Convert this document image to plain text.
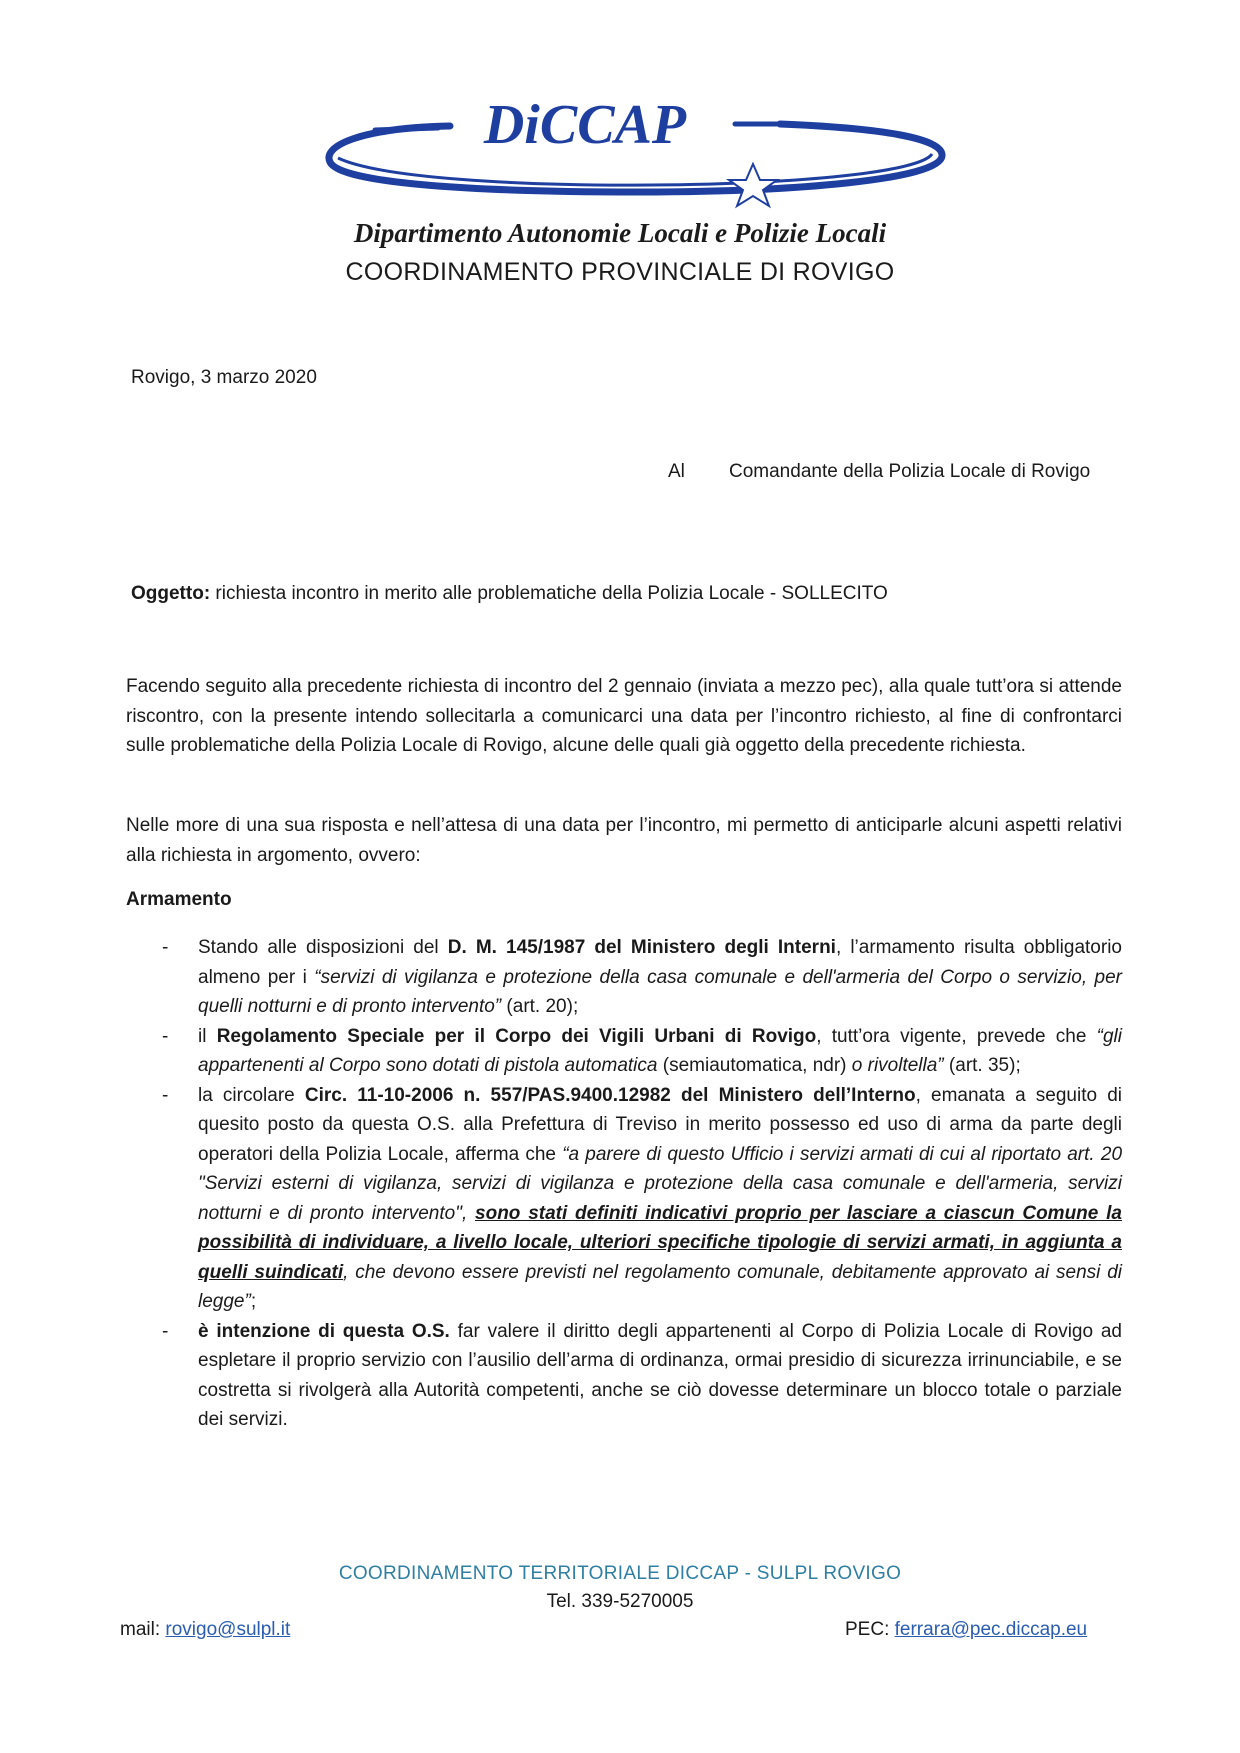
DiCCAP
Dipartimento Autonomie Locali e Polizie Locali
COORDINAMENTO PROVINCIALE DI ROVIGO
Rovigo, 3 marzo 2020
Al Comandante della Polizia Locale di Rovigo
Oggetto: richiesta incontro in merito alle problematiche della Polizia Locale - SOLLECITO
Facendo seguito alla precedente richiesta di incontro del 2 gennaio (inviata a mezzo pec), alla quale tutt’ora si attende riscontro, con la presente intendo sollecitarla a comunicarci una data per l’incontro richiesto, al fine di confrontarci sulle problematiche della Polizia Locale di Rovigo, alcune delle quali già oggetto della precedente richiesta.
Nelle more di una sua risposta e nell’attesa di una data per l’incontro, mi permetto di anticiparle alcuni aspetti relativi alla richiesta in argomento, ovvero:
Armamento
- Stando alle disposizioni del D. M. 145/1987 del Ministero degli Interni, l’armamento risulta obbligatorio almeno per i “servizi di vigilanza e protezione della casa comunale e dell'armeria del Corpo o servizio, per quelli notturni e di pronto intervento” (art. 20);
- il Regolamento Speciale per il Corpo dei Vigili Urbani di Rovigo, tutt’ora vigente, prevede che “gli appartenenti al Corpo sono dotati di pistola automatica (semiautomatica, ndr) o rivoltella” (art. 35);
- la circolare Circ. 11-10-2006 n. 557/PAS.9400.12982 del Ministero dell’Interno, emanata a seguito di quesito posto da questa O.S. alla Prefettura di Treviso in merito possesso ed uso di arma da parte degli operatori della Polizia Locale, afferma che “a parere di questo Ufficio i servizi armati di cui al riportato art. 20 "Servizi esterni di vigilanza, servizi di vigilanza e protezione della casa comunale e dell'armeria, servizi notturni e di pronto intervento", sono stati definiti indicativi proprio per lasciare a ciascun Comune la possibilità di individuare, a livello locale, ulteriori specifiche tipologie di servizi armati, in aggiunta a quelli suindicati, che devono essere previsti nel regolamento comunale, debitamente approvato ai sensi di legge”;
- è intenzione di questa O.S. far valere il diritto degli appartenenti al Corpo di Polizia Locale di Rovigo ad espletare il proprio servizio con l’ausilio dell’arma di ordinanza, ormai presidio di sicurezza irrinunciabile, e se costretta si rivolgerà alla Autorità competenti, anche se ciò dovesse determinare un blocco totale o parziale dei servizi.
COORDINAMENTO TERRITORIALE DICCAP - SULPL ROVIGO
Tel. 339-5270005
mail: rovigo@sulpl.it	PEC: ferrara@pec.diccap.eu
